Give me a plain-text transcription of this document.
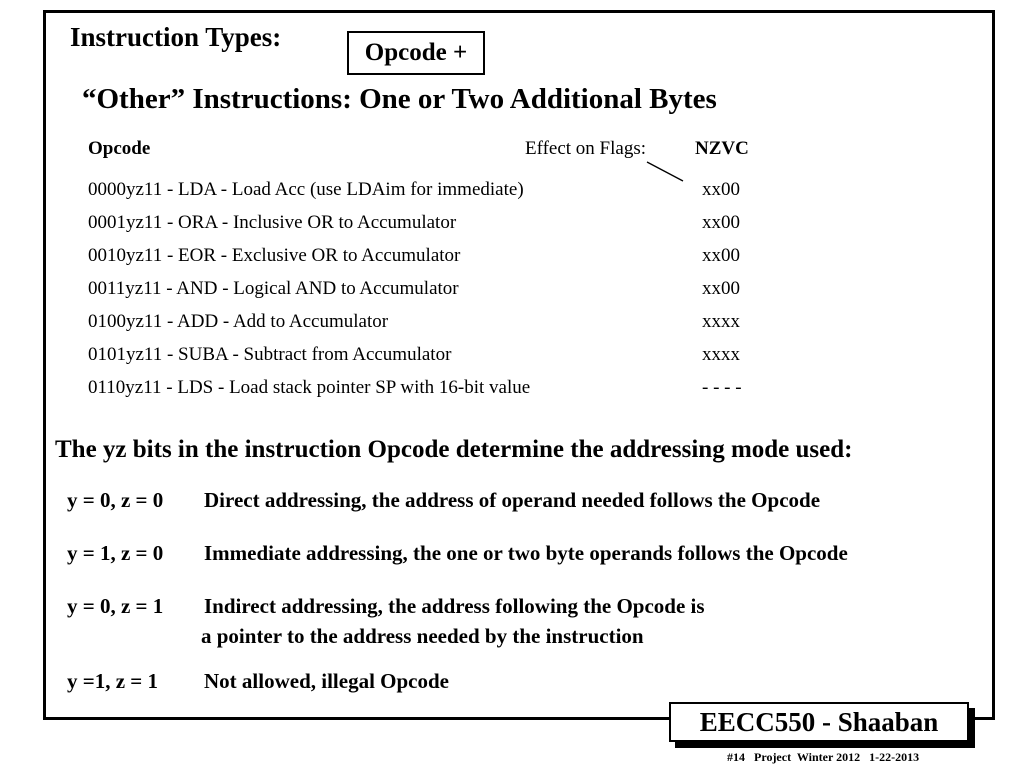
Instruction Types:
Opcode +
“Other” Instructions: One or Two Additional Bytes
Opcode	Effect on Flags:	NZVC
0000yz11 - LDA - Load Acc (use LDAim for immediate)	xx00
0001yz11 - ORA - Inclusive OR to Accumulator	xx00
0010yz11 - EOR - Exclusive OR to Accumulator	xx00
0011yz11 - AND - Logical AND to Accumulator	xx00
0100yz11 - ADD - Add to Accumulator	xxxx
0101yz11 - SUBA - Subtract from Accumulator	xxxx
0110yz11 - LDS - Load stack pointer SP with 16-bit value	- - - -
The yz bits in the instruction Opcode determine the addressing mode used:
y = 0, z = 0 Direct addressing, the address of operand needed follows the Opcode
y = 1, z = 0 Immediate addressing, the one or two byte operands follows the Opcode
y = 0, z = 1 Indirect addressing, the address following the Opcode is
a pointer to the address needed by the instruction
y =1, z = 1 Not allowed, illegal Opcode
EECC550 - Shaaban
#14   Project  Winter 2012   1-22-2013
